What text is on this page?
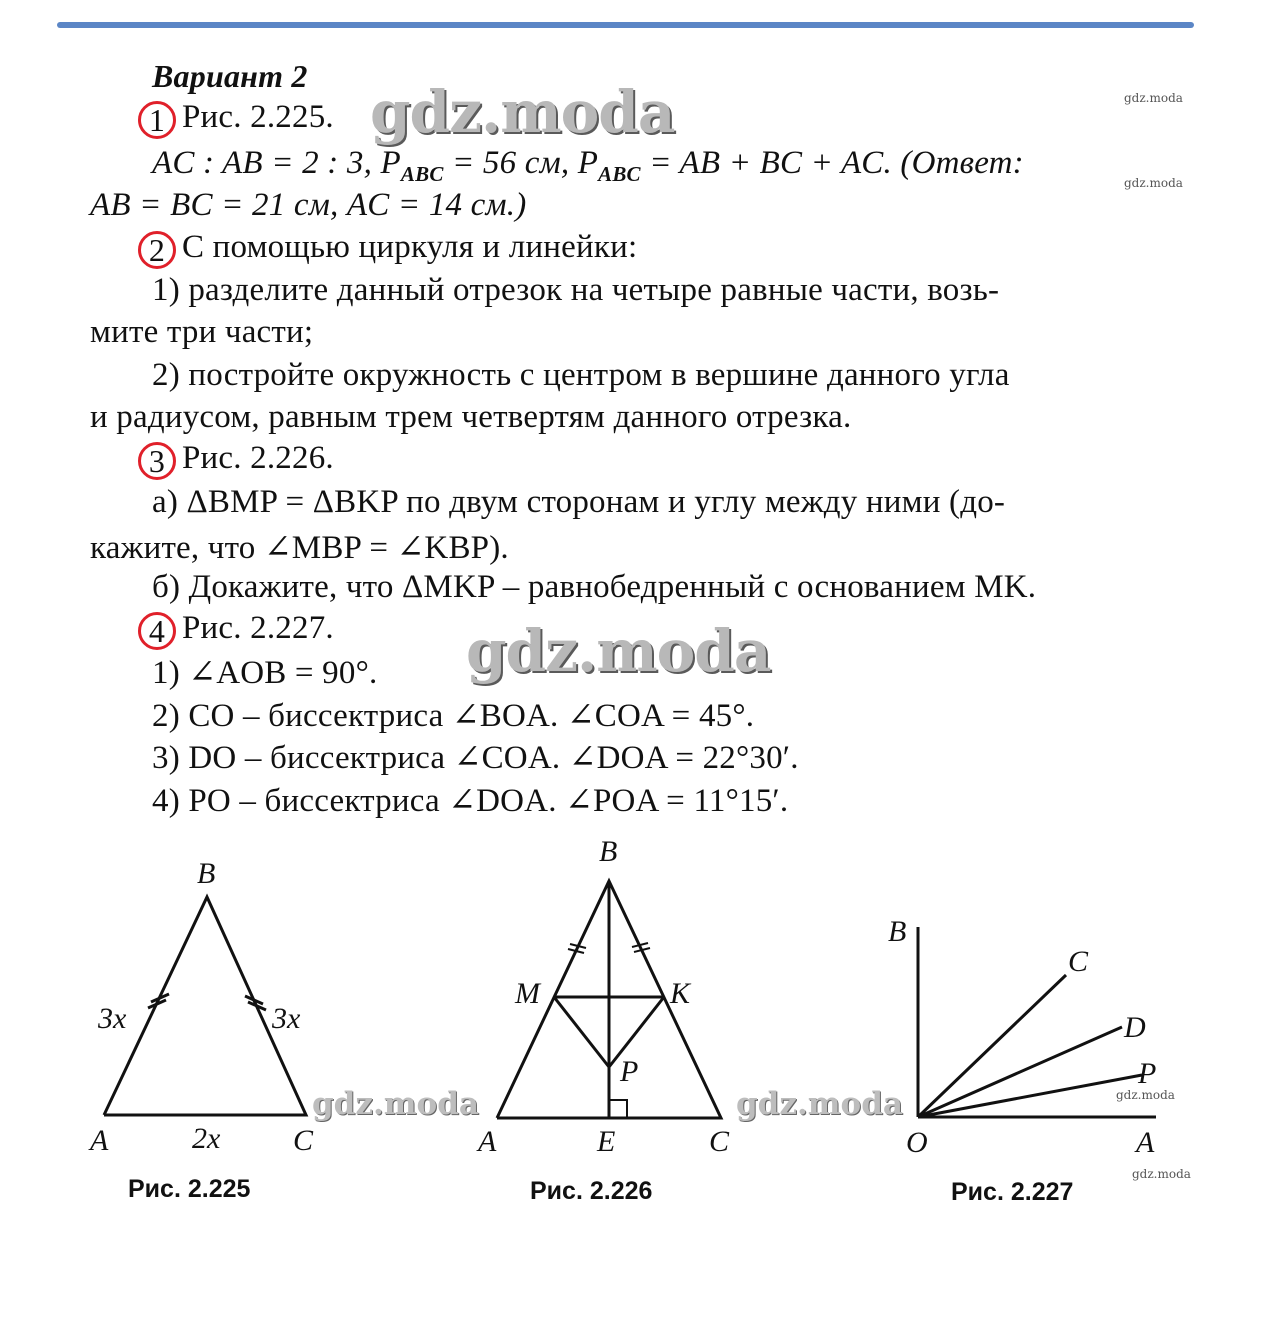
Вариант 2
1 Рис. 2.225.
AC : AB = 2 : 3, $P_{ABC} = 56$ см, $P_{ABC}$ = AB + BC + AC. (Ответ:
AB = BC = 21 см, AC = 14 см.)
2 С помощью циркуля и линейки:
1) разделите данный отрезок на четыре равные части, возь-
мите три части;
2) постройте окружность с центром в вершине данного угла
и радиусом, равным трем четвертям данного отрезка.
3 Рис. 2.226.
а) ΔBMP = ΔBKP по двум сторонам и углу между ними (до-
кажите, что ∠MBP = ∠KBP).
б) Докажите, что ΔMKP – равнобедренный с основанием MK.
4 Рис. 2.227.
1) ∠AOB = 90°.
2) CO – биссектриса ∠BOA. ∠COA = 45°.
3) DO – биссектриса ∠COA. ∠DOA = 22°30′.
4) PO – биссектриса ∠DOA. ∠POA = 11°15′.
B
A	C
3x	3x
2x
Рис. 2.225
B
M	K
P
A	E	C
Рис. 2.226
B
C
D
P
O	A
Рис. 2.227
gdz.moda
gdz.moda
gdz.moda	gdz.moda
gdz.moda
gdz.moda
gdz.moda
gdz.moda
